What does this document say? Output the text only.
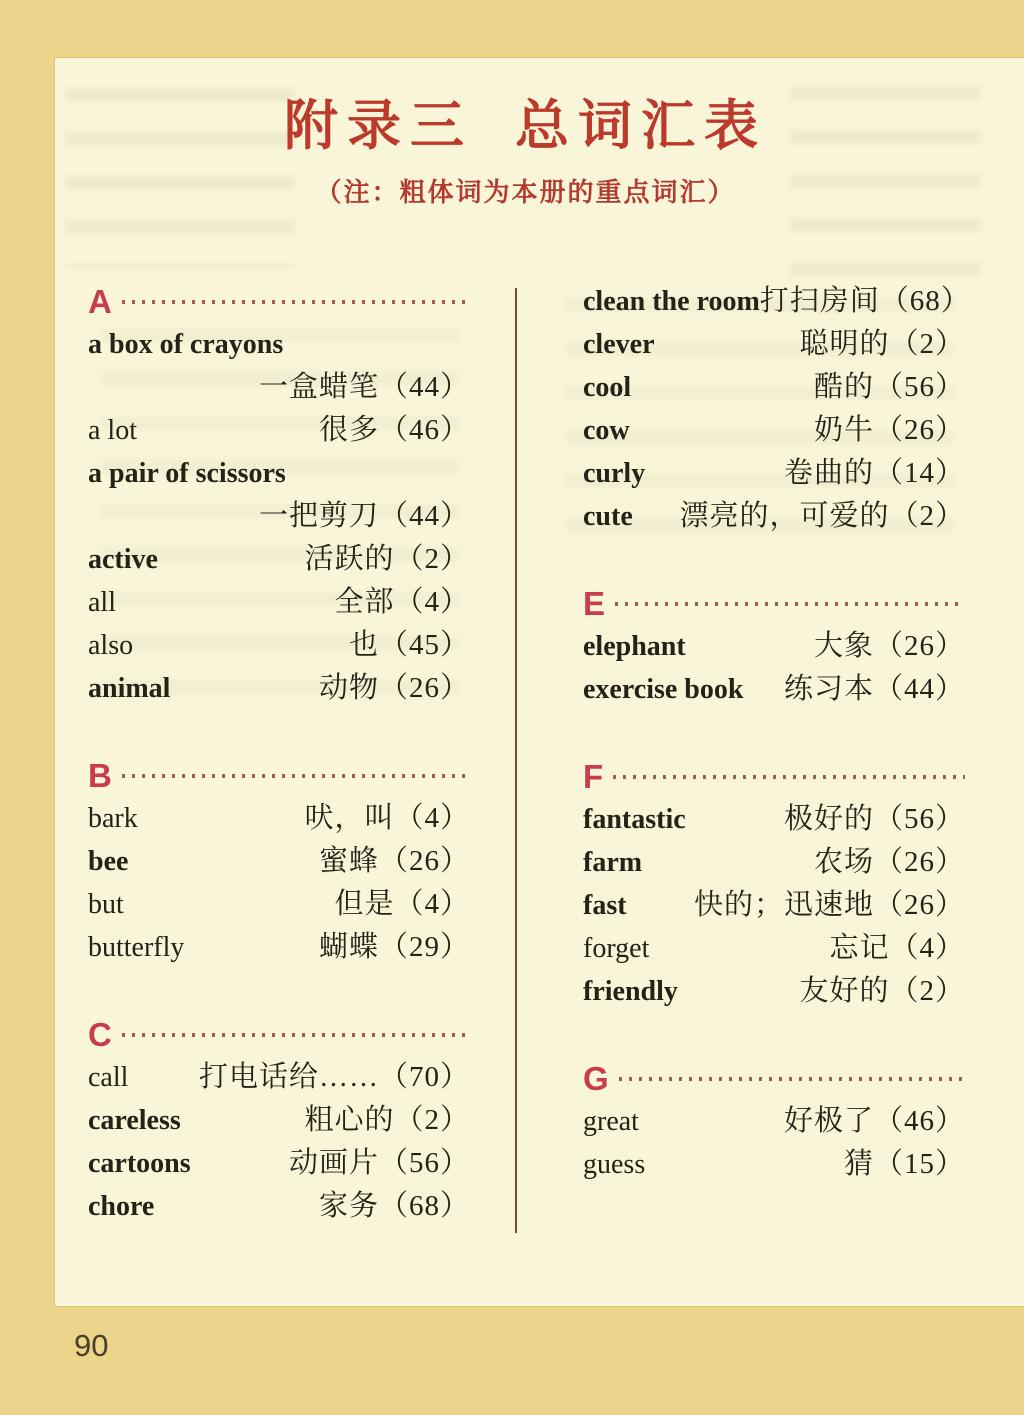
附录三 总词汇表
（注：粗体词为本册的重点词汇）
A
a box of crayons
一盒蜡笔（44）
a lot	很多（46）
a pair of scissors
一把剪刀（44）
active	活跃的（2）
all	全部（4）
also	也（45）
animal	动物（26）
B
bark	吠，叫（4）
bee	蜜蜂（26）
but	但是（4）
butterfly	蝴蝶（29）
C
call 打电话给……（70）
careless	粗心的（2）
cartoons	动画片（56）
chore	家务（68）
clean the room 打扫房间（68）
clever	聪明的（2）
cool	酷的（56）
cow	奶牛（26）
curly	卷曲的（14）
cute 漂亮的，可爱的（2）
E
elephant	大象（26）
exercise book 练习本（44）
F
fantastic	极好的（56）
farm	农场（26）
fast 快的；迅速地（26）
forget	忘记（4）
friendly	友好的（2）
G
great	好极了（46）
guess	猜（15）
90
